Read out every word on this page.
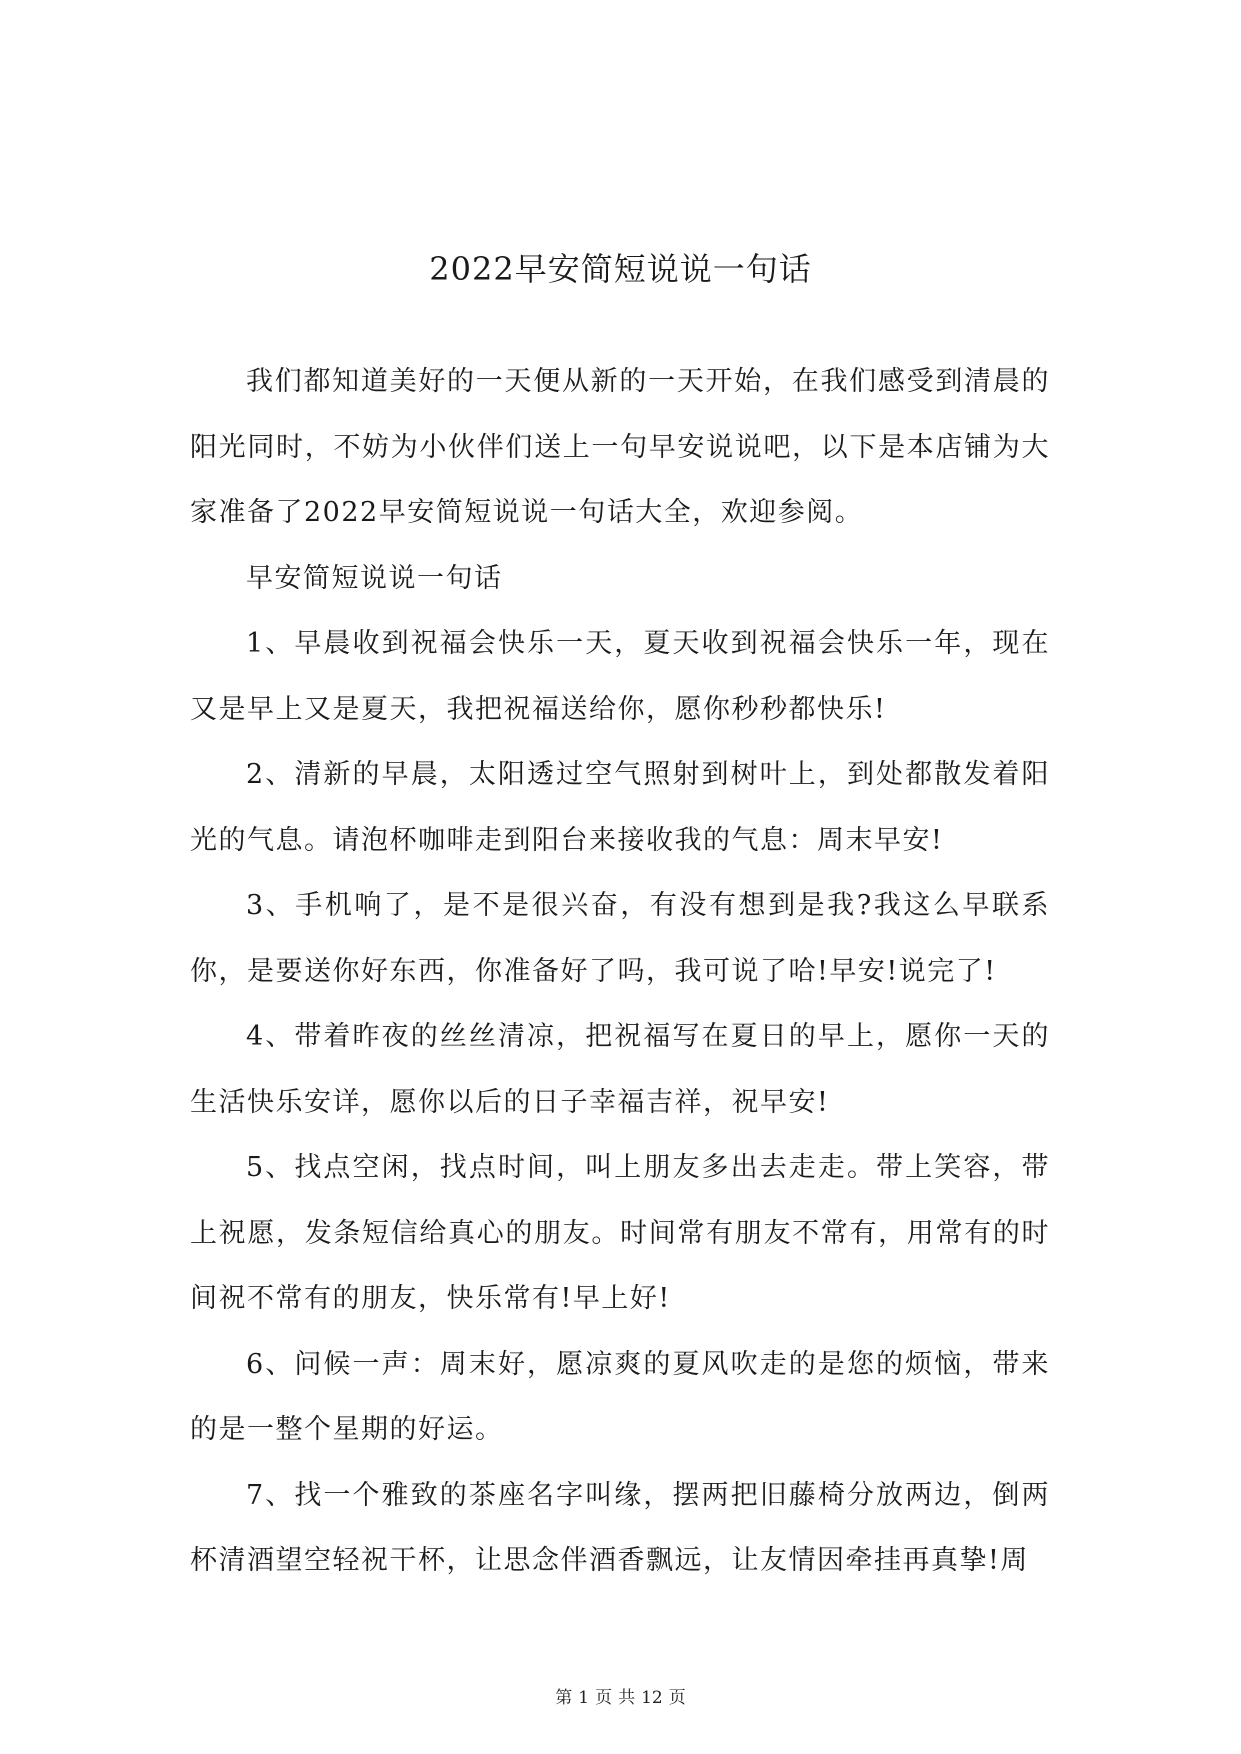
2022早安简短说说一句话

我们都知道美好的一天便从新的一天开始，在我们感受到清晨的阳光同时，不妨为小伙伴们送上一句早安说说吧，以下是本店铺为大家准备了2022早安简短说说一句话大全，欢迎参阅。

早安简短说说一句话

1、早晨收到祝福会快乐一天，夏天收到祝福会快乐一年，现在又是早上又是夏天，我把祝福送给你，愿你秒秒都快乐!

2、清新的早晨，太阳透过空气照射到树叶上，到处都散发着阳光的气息。请泡杯咖啡走到阳台来接收我的气息：周末早安!

3、手机响了，是不是很兴奋，有没有想到是我?我这么早联系你，是要送你好东西，你准备好了吗，我可说了哈!早安!说完了!

4、带着昨夜的丝丝清凉，把祝福写在夏日的早上，愿你一天的生活快乐安详，愿你以后的日子幸福吉祥，祝早安!

5、找点空闲，找点时间，叫上朋友多出去走走。带上笑容，带上祝愿，发条短信给真心的朋友。时间常有朋友不常有，用常有的时间祝不常有的朋友，快乐常有!早上好!

6、问候一声：周末好，愿凉爽的夏风吹走的是您的烦恼，带来的是一整个星期的好运。

7、找一个雅致的茶座名字叫缘，摆两把旧藤椅分放两边，倒两杯清酒望空轻祝干杯，让思念伴酒香飘远，让友情因牵挂再真挚!周

第 1 页 共 12 页
